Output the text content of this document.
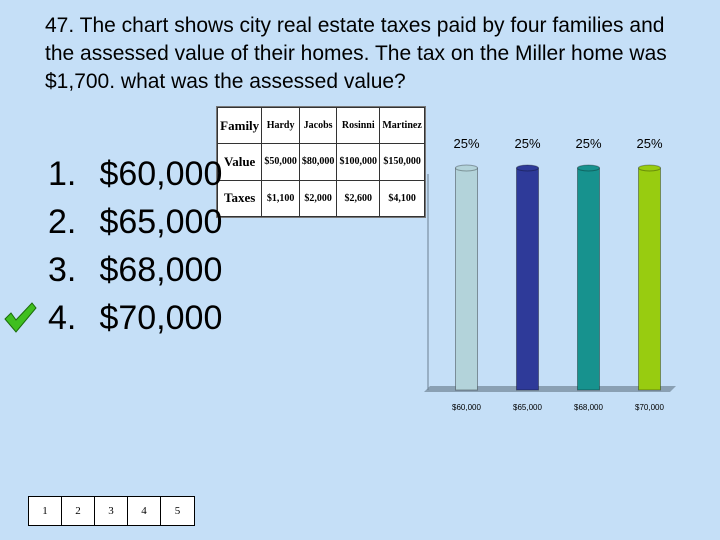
47. The chart shows city real estate taxes paid by four families and the assessed value of their homes. The tax on the Miller home was $1,700. what was the assessed value?
Family	Hardy	Jacobs	Rosinni	Martinez
Value	$50,000	$80,000	$100,000	$150,000
Taxes	$1,100	$2,000	$2,600	$4,100
1. $60,000
2. $65,000
3. $68,000
4. $70,000
25%
$60,000
25%
$65,000
25%
$68,000
25%
$70,000
1	2	3	4	5
